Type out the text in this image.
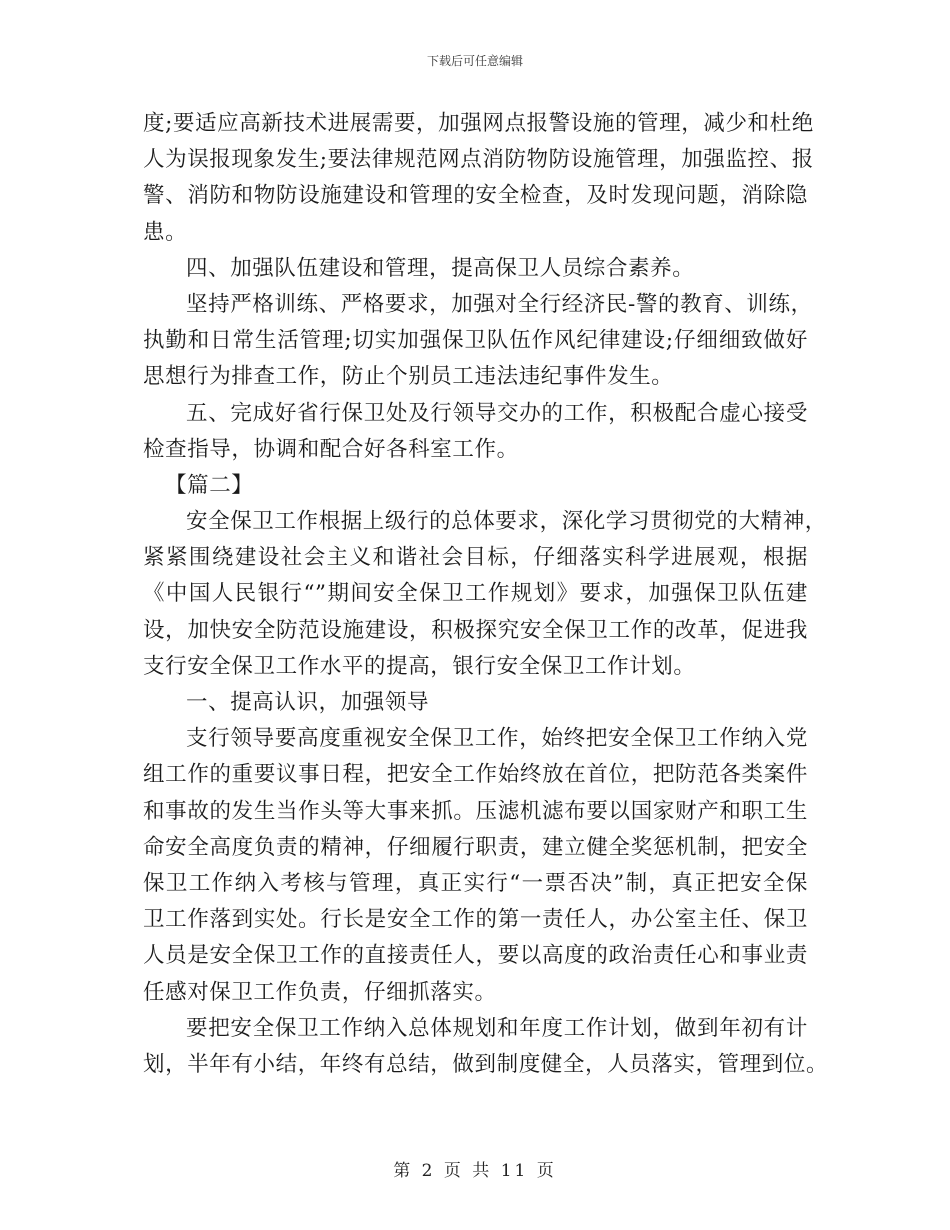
下载后可任意编辑
度;要适应高新技术进展需要，加强网点报警设施的管理，减少和杜绝
人为误报现象发生;要法律规范网点消防物防设施管理，加强监控、报
警、消防和物防设施建设和管理的安全检查，及时发现问题，消除隐
患。
四、加强队伍建设和管理，提高保卫人员综合素养。
坚持严格训练、严格要求，加强对全行经济民-警的教育、训练，
执勤和日常生活管理;切实加强保卫队伍作风纪律建设;仔细细致做好
思想行为排查工作，防止个别员工违法违纪事件发生。
五、完成好省行保卫处及行领导交办的工作，积极配合虚心接受
检查指导，协调和配合好各科室工作。
【篇二】
安全保卫工作根据上级行的总体要求，深化学习贯彻党的大精神，
紧紧围绕建设社会主义和谐社会目标，仔细落实科学进展观，根据
《中国人民银行“”期间安全保卫工作规划》要求，加强保卫队伍建
设，加快安全防范设施建设，积极探究安全保卫工作的改革，促进我
支行安全保卫工作水平的提高，银行安全保卫工作计划。
一、提高认识，加强领导
支行领导要高度重视安全保卫工作，始终把安全保卫工作纳入党
组工作的重要议事日程，把安全工作始终放在首位，把防范各类案件
和事故的发生当作头等大事来抓。压滤机滤布要以国家财产和职工生
命安全高度负责的精神，仔细履行职责，建立健全奖惩机制，把安全
保卫工作纳入考核与管理，真正实行“一票否决”制，真正把安全保
卫工作落到实处。行长是安全工作的第一责任人，办公室主任、保卫
人员是安全保卫工作的直接责任人，要以高度的政治责任心和事业责
任感对保卫工作负责，仔细抓落实。
要把安全保卫工作纳入总体规划和年度工作计划，做到年初有计
划，半年有小结，年终有总结，做到制度健全，人员落实，管理到位。
第 2 页 共 11 页
